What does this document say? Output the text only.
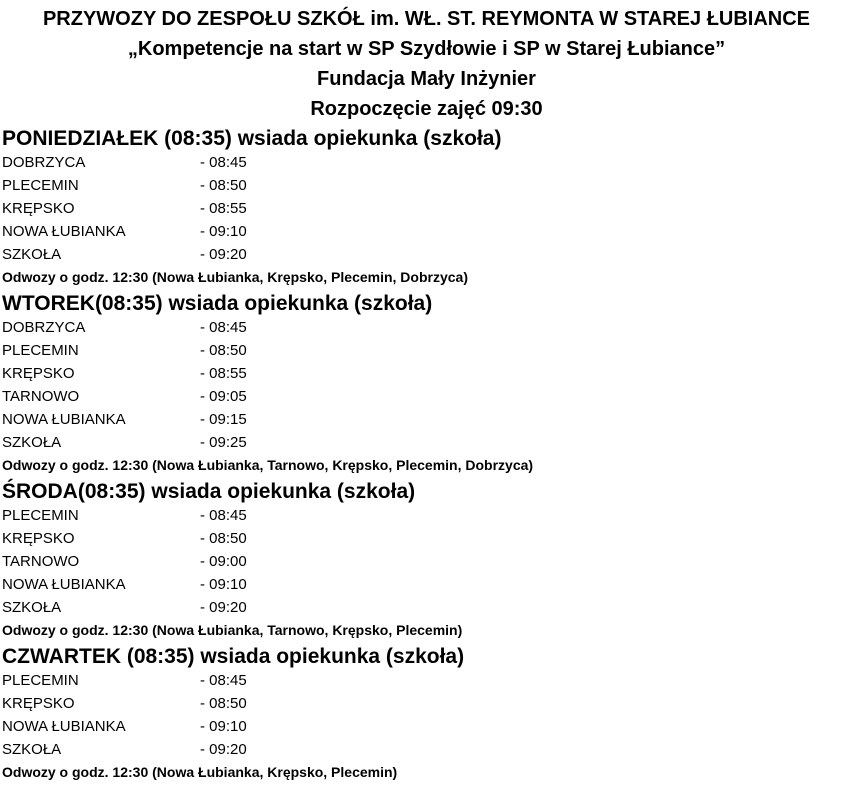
PRZYWOZY DO ZESPOŁU SZKÓŁ im. WŁ. ST. REYMONTA W STAREJ ŁUBIANCE
„Kompetencje na start w SP Szydłowie i SP w Starej Łubiance”
Fundacja Mały Inżynier
Rozpoczęcie zajęć 09:30
PONIEDZIAŁEK (08:35) wsiada opiekunka (szkoła)
DOBRZYCA	- 08:45
PLECEMIN	- 08:50
KRĘPSKO	- 08:55
NOWA ŁUBIANKA	- 09:10
SZKOŁA	- 09:20
Odwozy o godz. 12:30 (Nowa Łubianka, Krępsko, Plecemin, Dobrzyca)
WTOREK(08:35) wsiada opiekunka (szkoła)
DOBRZYCA	- 08:45
PLECEMIN	- 08:50
KRĘPSKO	- 08:55
TARNOWO	- 09:05
NOWA ŁUBIANKA	- 09:15
SZKOŁA	- 09:25
Odwozy o godz. 12:30 (Nowa Łubianka, Tarnowo, Krępsko, Plecemin, Dobrzyca)
ŚRODA(08:35) wsiada opiekunka (szkoła)
PLECEMIN	- 08:45
KRĘPSKO	- 08:50
TARNOWO	- 09:00
NOWA ŁUBIANKA	- 09:10
SZKOŁA	- 09:20
Odwozy o godz. 12:30 (Nowa Łubianka, Tarnowo, Krępsko, Plecemin)
CZWARTEK (08:35) wsiada opiekunka (szkoła)
PLECEMIN	- 08:45
KRĘPSKO	- 08:50
NOWA ŁUBIANKA	- 09:10
SZKOŁA	- 09:20
Odwozy o godz. 12:30 (Nowa Łubianka, Krępsko, Plecemin)
